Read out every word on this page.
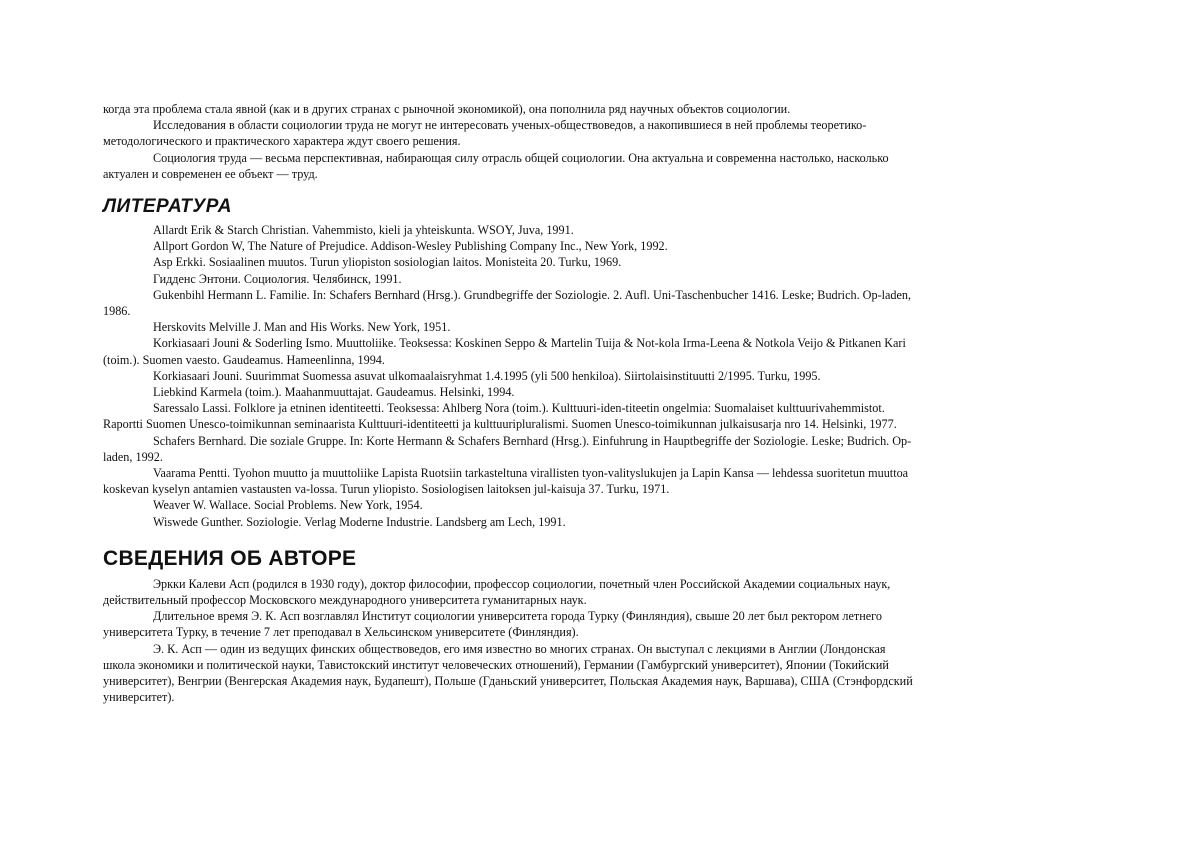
когда эта проблема стала явной (как и в других странах с рыночной экономикой), она пополнила ряд научных объектов социологии.

Исследования в области социологии труда не могут не интересовать ученых-обществоведов, а накопившиеся в ней проблемы теоретико-методологического и практического характера ждут своего решения.

Социология труда — весьма перспективная, набирающая силу отрасль общей социологии. Она актуальна и современна настолько, насколько актуален и современен ее объект — труд.

ЛИТЕРАТУРА

Allardt Erik & Starch Christian. Vahemmisto, kieli ja yhteiskunta. WSOY, Juva, 1991.

Allport Gordon W, The Nature of Prejudice. Addison-Wesley Publishing Company Inc., New York, 1992.

Asp Erkki. Sosiaalinen muutos. Turun yliopiston sosiologian laitos. Monisteita 20. Turku, 1969.

Гидденс Энтони. Социология. Челябинск, 1991.

Gukenbihl Hermann L. Familie. In: Schafers Bernhard (Hrsg.). Grundbegriffe der Soziologie. 2. Aufl. Uni-Taschenbucher 1416. Leske; Budrich. Op-laden, 1986.

Herskovits Melville J. Man and His Works. New York, 1951.

Korkiasaari Jouni & Soderling Ismo. Muuttoliike. Teoksessa: Koskinen Seppo & Martelin Tuija & Not-kola Irma-Leena & Notkola Veijo & Pitkanen Kari (toim.). Suomen vaesto. Gaudeamus. Hameenlinna, 1994.

Korkiasaari Jouni. Suurimmat Suomessa asuvat ulkomaalaisryhmat 1.4.1995 (yli 500 henkiloa). Siirtolaisinstituutti 2/1995. Turku, 1995.

Liebkind Karmela (toim.). Maahanmuuttajat. Gaudeamus. Helsinki, 1994.

Saressalo Lassi. Folklore ja etninen identiteetti. Teoksessa: Ahlberg Nora (toim.). Kulttuuri-iden-titeetin ongelmia: Suomalaiset kulttuurivahemmistot. Raportti Suomen Unesco-toimikunnan seminaarista Kulttuuri-identiteetti ja kulttuuripluralismi. Suomen Unesco-toimikunnan julkaisusarja nro 14. Helsinki, 1977.

Schafers Bernhard. Die soziale Gruppe. In: Korte Hermann & Schafers Bernhard (Hrsg.). Einfuhrung in Hauptbegriffe der Soziologie. Leske; Budrich. Op-laden, 1992.

Vaarama Pentti. Tyohon muutto ja muuttoliike Lapista Ruotsiin tarkasteltuna virallisten tyon-valityslukujen ja Lapin Kansa — lehdessa suoritetun muuttoa koskevan kyselyn antamien vastausten va-lossa. Turun yliopisto. Sosiologisen laitoksen jul-kaisuja 37. Turku, 1971.

Weaver W. Wallace. Social Problems. New York, 1954.

Wiswede Gunther. Soziologie. Verlag Moderne Industrie. Landsberg am Lech, 1991.

СВЕДЕНИЯ ОБ АВТОРЕ

Эркки Калеви Асп (родился в 1930 году), доктор философии, профессор социологии, почетный член Российской Академии социальных наук, действительный профессор Московского международного университета гуманитарных наук.

Длительное время Э. К. Асп возглавлял Институт социологии университета города Турку (Финляндия), свыше 20 лет был ректором летнего университета Турку, в течение 7 лет преподавал в Хельсинском университете (Финляндия).

Э. К. Асп — один из ведущих финских обществоведов, его имя известно во многих странах. Он выступал с лекциями в Англии (Лондонская школа экономики и политической науки, Тавистокский институт человеческих отношений), Германии (Гамбургский университет), Японии (Токийский университет), Венгрии (Венгерская Академия наук, Будапешт), Польше (Гданьский университет, Польская Академия наук, Варшава), США (Стэнфордский университет).
